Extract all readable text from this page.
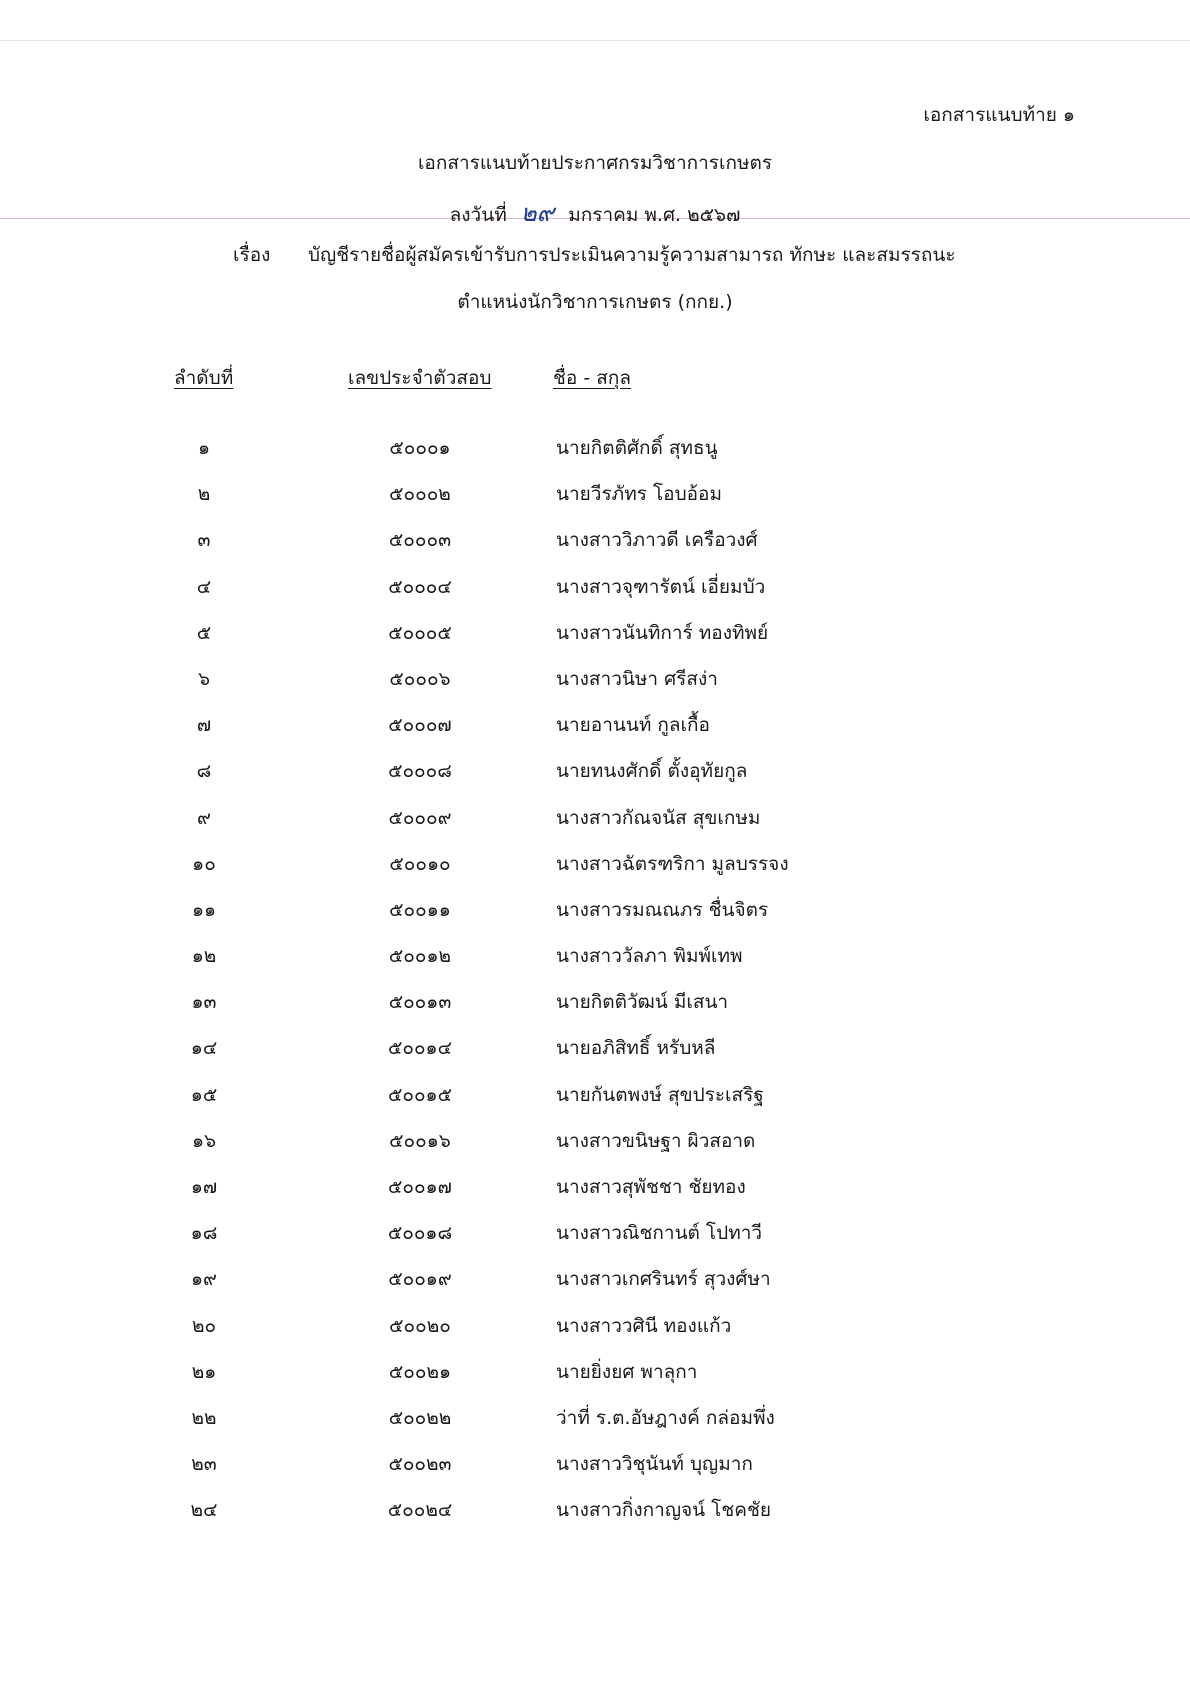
เอกสารแนบท้าย ๑
เอกสารแนบท้ายประกาศกรมวิชาการเกษตร
ลงวันที่ ๒๙ มกราคม พ.ศ. ๒๕๖๗
เรื่อง บัญชีรายชื่อผู้สมัครเข้ารับการประเมินความรู้ความสามารถ ทักษะ และสมรรถนะ
ตำแหน่งนักวิชาการเกษตร (กกย.)
ลำดับที่	เลขประจำตัวสอบ	ชื่อ - สกุล
๑	๕๐๐๐๑	นายกิตติศักดิ์ สุทธนู
๒	๕๐๐๐๒	นายวีรภัทร โอบอ้อม
๓	๕๐๐๐๓	นางสาววิภาวดี เครือวงศ์
๔	๕๐๐๐๔	นางสาวจุฑารัตน์ เอี่ยมบัว
๕	๕๐๐๐๕	นางสาวนันทิการ์ ทองทิพย์
๖	๕๐๐๐๖	นางสาวนิษา ศรีสง่า
๗	๕๐๐๐๗	นายอานนท์ กูลเกื้อ
๘	๕๐๐๐๘	นายทนงศักดิ์ ตั้งอุทัยกูล
๙	๕๐๐๐๙	นางสาวกัณจนัส สุขเกษม
๑๐	๕๐๐๑๐	นางสาวฉัตรฑริกา มูลบรรจง
๑๑	๕๐๐๑๑	นางสาวรมณณภร ชื่นจิตร
๑๒	๕๐๐๑๒	นางสาววัลภา พิมพ์เทพ
๑๓	๕๐๐๑๓	นายกิตติวัฒน์ มีเสนา
๑๔	๕๐๐๑๔	นายอภิสิทธิ์ หรับหลี
๑๕	๕๐๐๑๕	นายกันตพงษ์ สุขประเสริฐ
๑๖	๕๐๐๑๖	นางสาวขนิษฐา ผิวสอาด
๑๗	๕๐๐๑๗	นางสาวสุพัชชา ชัยทอง
๑๘	๕๐๐๑๘	นางสาวณิชกานต์ โปทาวี
๑๙	๕๐๐๑๙	นางสาวเกศรินทร์ สุวงศ์ษา
๒๐	๕๐๐๒๐	นางสาววศินี ทองแก้ว
๒๑	๕๐๐๒๑	นายยิ่งยศ พาลุกา
๒๒	๕๐๐๒๒	ว่าที่ ร.ต.อัษฎางค์ กล่อมพึ่ง
๒๓	๕๐๐๒๓	นางสาววิชุนันท์ บุญมาก
๒๔	๕๐๐๒๔	นางสาวกิ่งกาญจน์ โชคชัย
